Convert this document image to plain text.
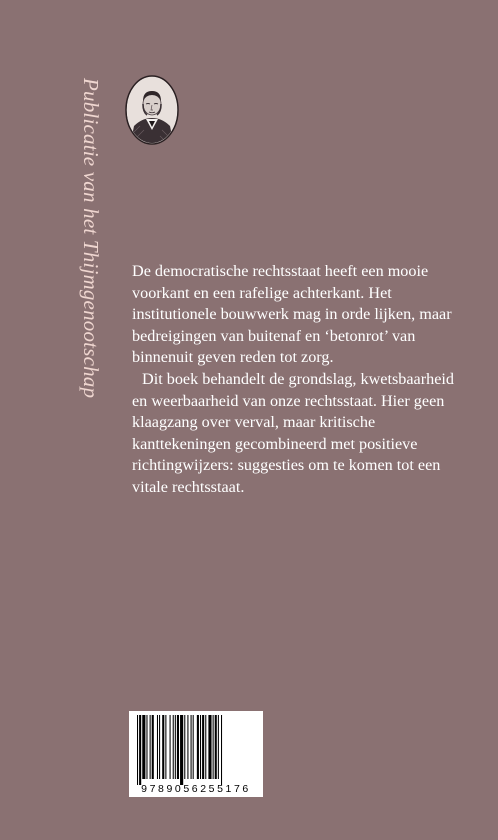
Publicatie van het Thijmgenootschap De democratische rechtsstaat heeft een mooie voorkant en een rafelige achterkant. Het institutionele bouwwerk mag in orde lijken, maar bedreigingen van buitenaf en ‘betonrot’ van binnenuit geven reden tot zorg.

Dit boek behandelt de grondslag, kwetsbaarheid en weerbaarheid van onze rechtsstaat. Hier geen klaagzang over verval, maar kritische kanttekeningen gecombineerd met positieve richtingwijzers: suggesties om te komen tot een vitale rechtsstaat.

9789056255176
